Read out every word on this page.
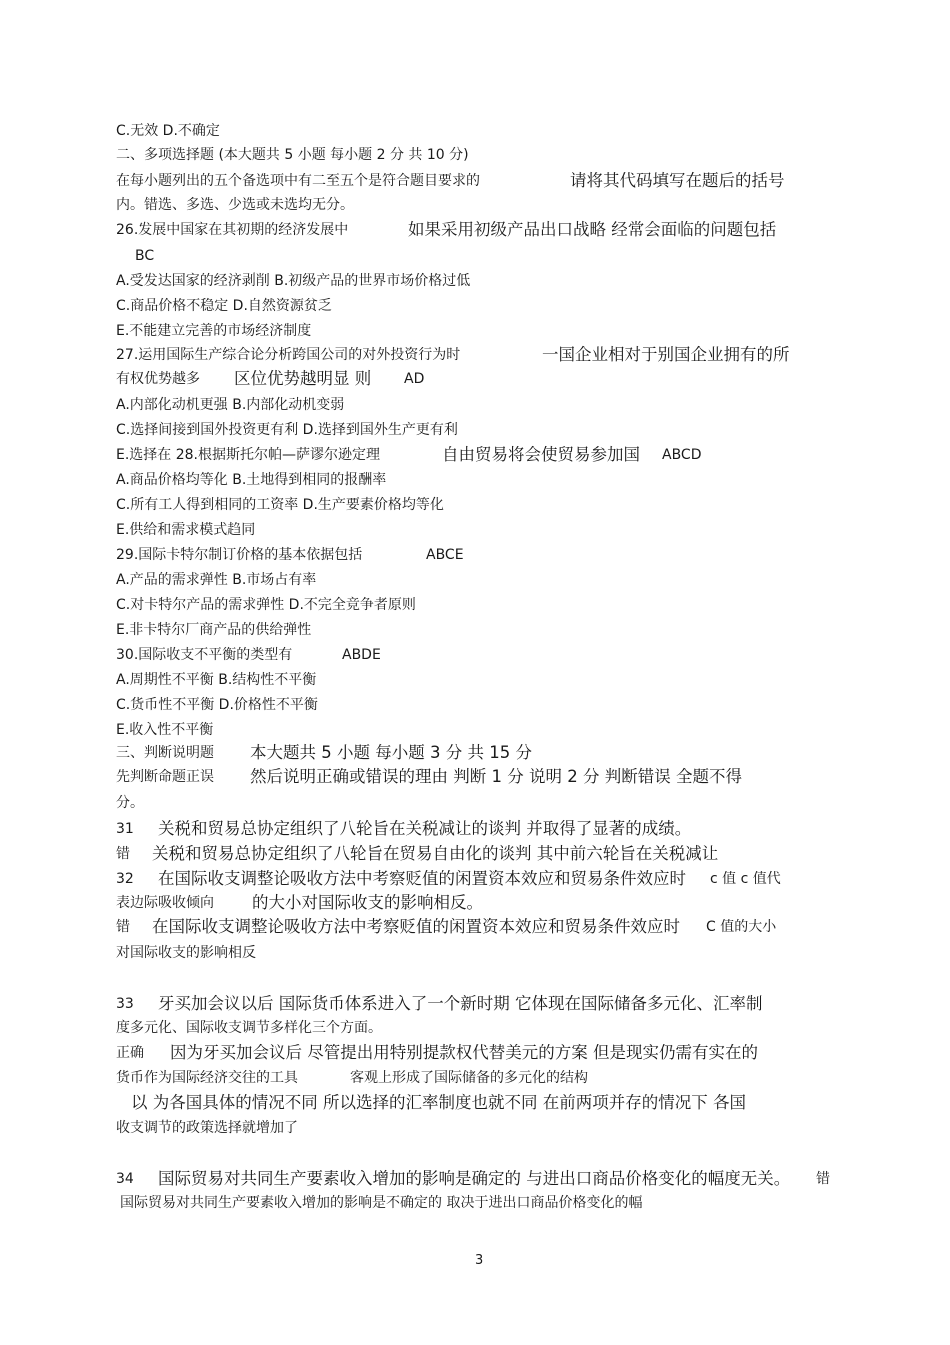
C.无效 D.不确定
二、多项选择题 (本大题共 5 小题 每小题 2 分 共 10 分)
在每小题列出的五个备选项中有二至五个是符合题目要求的	请将其代码填写在题后的括号
内。错选、多选、少选或未选均无分。
26.发展中国家在其初期的经济发展中	如果采用初级产品出口战略 经常会面临的问题包括
BC
A.受发达国家的经济剥削 B.初级产品的世界市场价格过低
C.商品价格不稳定 D.自然资源贫乏
E.不能建立完善的市场经济制度
27.运用国际生产综合论分析跨国公司的对外投资行为时	一国企业相对于别国企业拥有的所
有权优势越多 区位优势越明显 则 AD
A.内部化动机更强 B.内部化动机变弱
C.选择间接到国外投资更有利 D.选择到国外生产更有利
E.选择在 28.根据斯托尔帕—萨谬尔逊定理	自由贸易将会使贸易参加国 ABCD
A.商品价格均等化 B.土地得到相同的报酬率
C.所有工人得到相同的工资率 D.生产要素价格均等化
E.供给和需求模式趋同
29.国际卡特尔制订价格的基本依据包括	ABCE
A.产品的需求弹性 B.市场占有率
C.对卡特尔产品的需求弹性 D.不完全竞争者原则
E.非卡特尔厂商产品的供给弹性
30.国际收支不平衡的类型有	ABDE
A.周期性不平衡 B.结构性不平衡
C.货币性不平衡 D.价格性不平衡
E.收入性不平衡
三、判断说明题 本大题共 5 小题 每小题 3 分 共 15 分
先判断命题正误 然后说明正确或错误的理由 判断 1 分 说明 2 分 判断错误 全题不得
分。
31 关税和贸易总协定组织了八轮旨在关税减让的谈判 并取得了显著的成绩。
错 关税和贸易总协定组织了八轮旨在贸易自由化的谈判 其中前六轮旨在关税减让
32 在国际收支调整论吸收方法中考察贬值的闲置资本效应和贸易条件效应时 c 值 c 值代
表边际吸收倾向 的大小对国际收支的影响相反。
错 在国际收支调整论吸收方法中考察贬值的闲置资本效应和贸易条件效应时 C 值的大小
对国际收支的影响相反
33 牙买加会议以后 国际货币体系进入了一个新时期 它体现在国际储备多元化、汇率制
度多元化、国际收支调节多样化三个方面。
正确 因为牙买加会议后 尽管提出用特别提款权代替美元的方案 但是现实仍需有实在的
货币作为国际经济交往的工具	客观上形成了国际储备的多元化的结构
以 为各国具体的情况不同 所以选择的汇率制度也就不同 在前两项并存的情况下 各国
收支调节的政策选择就增加了
34 国际贸易对共同生产要素收入增加的影响是确定的 与进出口商品价格变化的幅度无关。 错
国际贸易对共同生产要素收入增加的影响是不确定的 取决于进出口商品价格变化的幅
3
